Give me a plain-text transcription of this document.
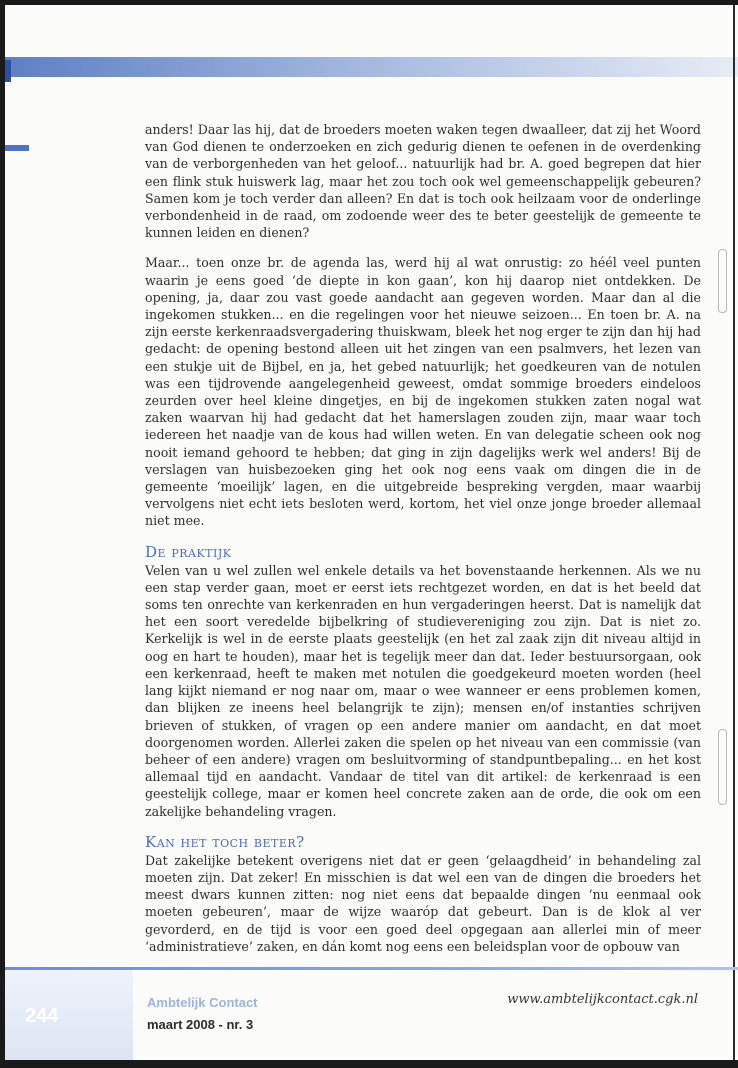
anders! Daar las hij, dat de broeders moeten waken tegen dwaalleer, dat zij het Woord van God dienen te onderzoeken en zich gedurig dienen te oefenen in de overdenking van de verborgenheden van het geloof... natuurlijk had br. A. goed begrepen dat hier een flink stuk huiswerk lag, maar het zou toch ook wel gemeenschappelijk gebeuren? Samen kom je toch verder dan alleen? En dat is toch ook heilzaam voor de onderlinge verbondenheid in de raad, om zodoende weer des te beter geestelijk de gemeente te kunnen leiden en dienen?

Maar... toen onze br. de agenda las, werd hij al wat onrustig: zo héél veel punten waarin je eens goed ‘de diepte in kon gaan’, kon hij daarop niet ontdekken. De opening, ja, daar zou vast goede aandacht aan gegeven worden. Maar dan al die ingekomen stukken... en die regelingen voor het nieuwe seizoen... En toen br. A. na zijn eerste kerkenraadsvergadering thuiskwam, bleek het nog erger te zijn dan hij had gedacht: de opening bestond alleen uit het zingen van een psalmvers, het lezen van een stukje uit de Bijbel, en ja, het gebed natuurlijk; het goedkeuren van de notulen was een tijdrovende aangelegenheid geweest, omdat sommige broeders eindeloos zeurden over heel kleine dingetjes, en bij de ingekomen stukken zaten nogal wat zaken waarvan hij had gedacht dat het hamerslagen zouden zijn, maar waar toch iedereen het naadje van de kous had willen weten. En van delegatie scheen ook nog nooit iemand gehoord te hebben; dat ging in zijn dagelijks werk wel anders! Bij de verslagen van huisbezoeken ging het ook nog eens vaak om dingen die in de gemeente ‘moeilijk’ lagen, en die uitgebreide bespreking vergden, maar waarbij vervolgens niet echt iets besloten werd, kortom, het viel onze jonge broeder allemaal niet mee.

De praktijk

Velen van u wel zullen wel enkele details va het bovenstaande herkennen. Als we nu een stap verder gaan, moet er eerst iets rechtgezet worden, en dat is het beeld dat soms ten onrechte van kerkenraden en hun vergaderingen heerst. Dat is namelijk dat het een soort veredelde bijbelkring of studievereniging zou zijn. Dat is niet zo. Kerkelijk is wel in de eerste plaats geestelijk (en het zal zaak zijn dit niveau altijd in oog en hart te houden), maar het is tegelijk meer dan dat. Ieder bestuursorgaan, ook een kerkenraad, heeft te maken met notulen die goedgekeurd moeten worden (heel lang kijkt niemand er nog naar om, maar o wee wanneer er eens problemen komen, dan blijken ze ineens heel belangrijk te zijn); mensen en/of instanties schrijven brieven of stukken, of vragen op een andere manier om aandacht, en dat moet doorgenomen worden. Allerlei zaken die spelen op het niveau van een commissie (van beheer of een andere) vragen om besluitvorming of standpuntbepaling... en het kost allemaal tijd en aandacht. Vandaar de titel van dit artikel: de kerkenraad is een geestelijk college, maar er komen heel concrete zaken aan de orde, die ook om een zakelijke behandeling vragen.

Kan het toch beter?

Dat zakelijke betekent overigens niet dat er geen ‘gelaagdheid’ in behandeling zal moeten zijn. Dat zeker! En misschien is dat wel een van de dingen die broeders het meest dwars kunnen zitten: nog niet eens dat bepaalde dingen ‘nu eenmaal ook moeten gebeuren’, maar de wijze waaróp dat gebeurt. Dan is de klok al ver gevorderd, en de tijd is voor een goed deel opgegaan aan allerlei min of meer ‘administratieve’ zaken, en dán komt nog eens een beleidsplan voor de opbouw van

244
Ambtelijk Contact
maart 2008 - nr. 3
www.ambtelijkcontact.cgk.nl
